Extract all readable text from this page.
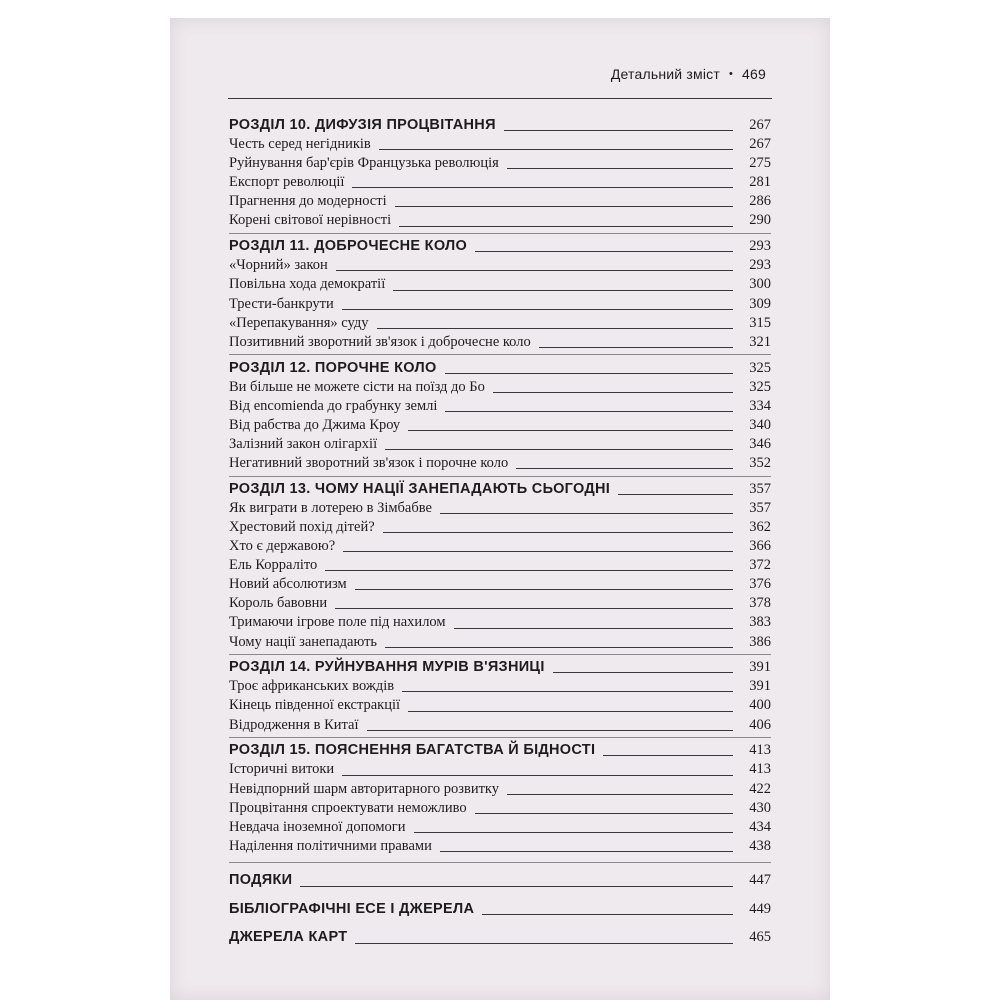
Детальний зміст • 469
РОЗДІЛ 10. ДИФУЗІЯ ПРОЦВІТАННЯ	267
Честь серед негідників	267
Руйнування бар'єрів Французька революція	275
Експорт революції	281
Прагнення до модерності	286
Корені світової нерівності	290
РОЗДІЛ 11. ДОБРОЧЕСНЕ КОЛО	293
«Чорний» закон	293
Повільна хода демократії	300
Трести-банкрути	309
«Перепакування» суду	315
Позитивний зворотний зв'язок і доброчесне коло	321
РОЗДІЛ 12. ПОРОЧНЕ КОЛО	325
Ви більше не можете сісти на поїзд до Бо	325
Від encomienda до грабунку землі	334
Від рабства до Джима Кроу	340
Залізний закон олігархії	346
Негативний зворотний зв'язок і порочне коло	352
РОЗДІЛ 13. ЧОМУ НАЦІЇ ЗАНЕПАДАЮТЬ СЬОГОДНІ	357
Як виграти в лотерею в Зімбабве	357
Хрестовий похід дітей?	362
Хто є державою?	366
Ель Корраліто	372
Новий абсолютизм	376
Король бавовни	378
Тримаючи ігрове поле під нахилом	383
Чому нації занепадають	386
РОЗДІЛ 14. РУЙНУВАННЯ МУРІВ В'ЯЗНИЦІ	391
Троє африканських вождів	391
Кінець південної екстракції	400
Відродження в Китаї	406
РОЗДІЛ 15. ПОЯСНЕННЯ БАГАТСТВА Й БІДНОСТІ	413
Історичні витоки	413
Невідпорний шарм авторитарного розвитку	422
Процвітання спроектувати неможливо	430
Невдача іноземної допомоги	434
Наділення політичними правами	438
ПОДЯКИ	447
БІБЛІОГРАФІЧНІ ЕСЕ І ДЖЕРЕЛА	449
ДЖЕРЕЛА КАРТ	465
